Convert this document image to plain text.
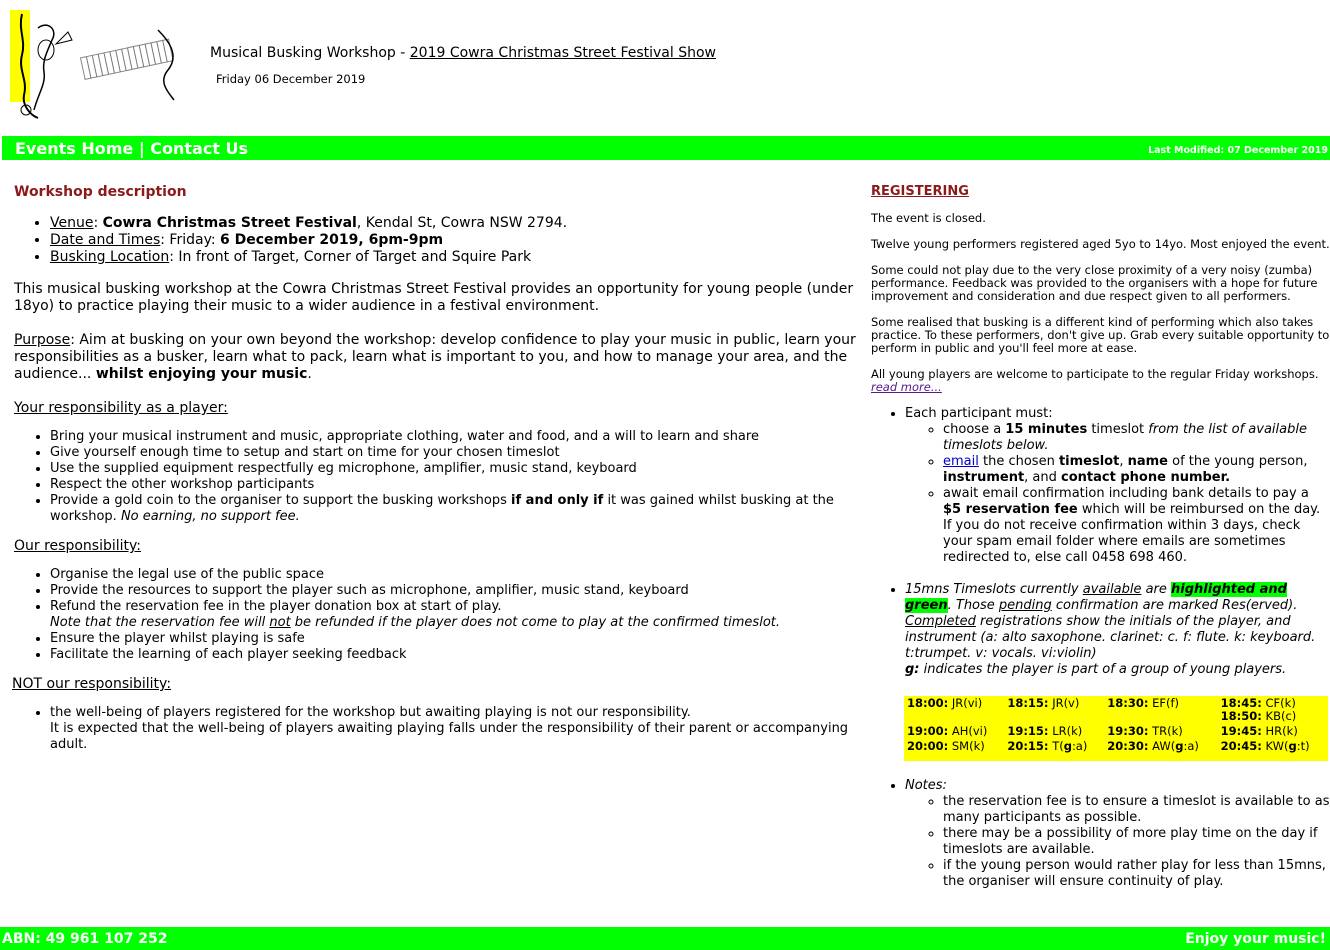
Musical Busking Workshop - 2019 Cowra Christmas Street Festival Show
Friday 06 December 2019
Events Home | Contact Us	Last Modified: 07 December 2019
Workshop description
• Venue: Cowra Christmas Street Festival, Kendal St, Cowra NSW 2794.
• Date and Times: Friday: 6 December 2019, 6pm-9pm
• Busking Location: In front of Target, Corner of Target and Squire Park

This musical busking workshop at the Cowra Christmas Street Festival provides an opportunity for young people (under 18yo) to practice playing their music to a wider audience in a festival environment.

Purpose: Aim at busking on your own beyond the workshop: develop confidence to play your music in public, learn your responsibilities as a busker, learn what to pack, learn what is important to you, and how to manage your area, and the audience... whilst enjoying your music.

Your responsibility as a player:

• Bring your musical instrument and music, appropriate clothing, water and food, and a will to learn and share
• Give yourself enough time to setup and start on time for your chosen timeslot
• Use the supplied equipment respectfully eg microphone, amplifier, music stand, keyboard
• Respect the other workshop participants
• Provide a gold coin to the organiser to support the busking workshops if and only if it was gained whilst busking at the workshop. No earning, no support fee.

Our responsibility:

• Organise the legal use of the public space
• Provide the resources to support the player such as microphone, amplifier, music stand, keyboard
• Refund the reservation fee in the player donation box at start of play.
Note that the reservation fee will not be refunded if the player does not come to play at the confirmed timeslot.
• Ensure the player whilst playing is safe
• Facilitate the learning of each player seeking feedback

NOT our responsibility:

• the well-being of players registered for the workshop but awaiting playing is not our responsibility.
It is expected that the well-being of players awaiting playing falls under the responsibility of their parent or accompanying adult.
REGISTERING

The event is closed.

Twelve young performers registered aged 5yo to 14yo. Most enjoyed the event.

Some could not play due to the very close proximity of a very noisy (zumba) performance. Feedback was provided to the organisers with a hope for future improvement and consideration and due respect given to all performers.

Some realised that busking is a different kind of performing which also takes practice. To these performers, don't give up. Grab every suitable opportunity to perform in public and you'll feel more at ease.

All young players are welcome to participate to the regular Friday workshops.

read more...

• Each participant must:
◦ choose a 15 minutes timeslot from the list of available timeslots below.
◦ email the chosen timeslot, name of the young person, instrument, and contact phone number.
◦ await email confirmation including bank details to pay a $5 reservation fee which will be reimbursed on the day. If you do not receive confirmation within 3 days, check your spam email folder where emails are sometimes redirected to, else call 0458 698 460.
• 15mns Timeslots currently available are highlighted and green. Those pending confirmation are marked Res(erved). Completed registrations show the initials of the player, and instrument (a: alto saxophone. clarinet: c. f: flute. k: keyboard. t:trumpet. v: vocals. vi:violin)
g: indicates the player is part of a group of young players.
18:00: JR(vi)	18:15: JR(v)	18:30: EF(f)	18:45: CF(k)
18:50: KB(c)
19:00: AH(vi)	19:15: LR(k)	19:30: TR(k)	19:45: HR(k)
20:00: SM(k)	20:15: T(g:a)	20:30: AW(g:a)	20:45: KW(g:t)
• Notes:
◦ the reservation fee is to ensure a timeslot is available to as many participants as possible.
◦ there may be a possibility of more play time on the day if timeslots are available.
◦ if the young person would rather play for less than 15mns, the organiser will ensure continuity of play.
ABN: 49 961 107 252	Enjoy your music!
